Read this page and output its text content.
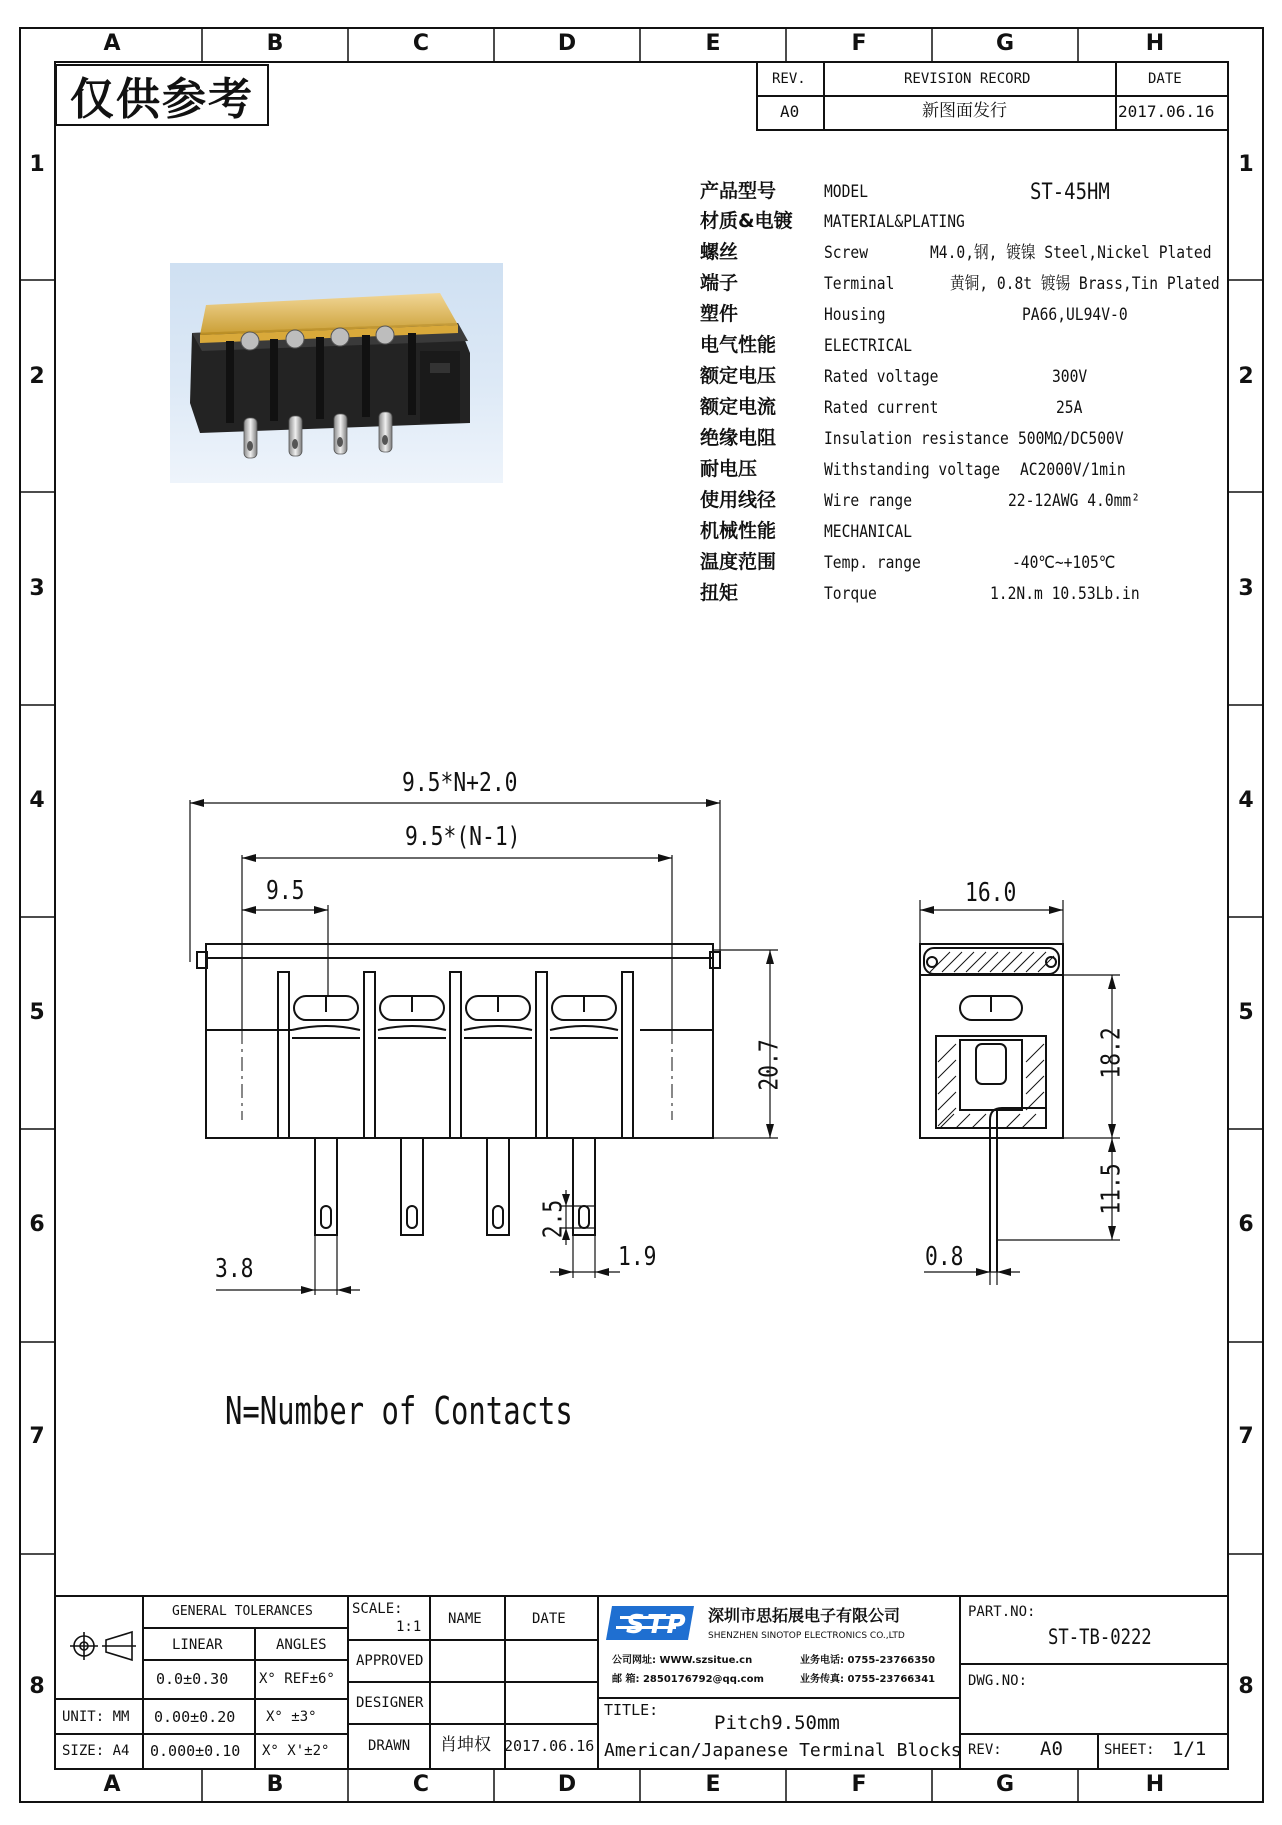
A	B	C	D	E	F	G	H
A	B	C	D	E	F	G	H
1
2
3
4
5
6
7
8
1
2
3
4
5
6
7
8
仅供参考	REV.	REVISION RECORD	DATE
A0	新图面发行	2017.06.16
产品型号	MODEL	ST-45HM
材质&电镀 MATERIAL&PLATING
螺丝	Screw	M4.0,钢, 镀镍 Steel,Nickel Plated
端子	Terminal	黄铜, 0.8t 镀锡 Brass,Tin Plated
塑件	Housing	PA66,UL94V-0
电气性能	ELECTRICAL
额定电压	Rated voltage	300V
额定电流	Rated current	25A
绝缘电阻	Insulation resistance 500MΩ/DC500V
耐电压	Withstanding voltage AC2000V/1min
使用线径	Wire range	22-12AWG 4.0mm²
机械性能	MECHANICAL
温度范围	Temp. range	-40℃~+105℃
扭矩	Torque	1.2N.m 10.53Lb.in
9.5*N+2.0
9.5*(N-1)
9.5
20.7
3.8
2.5
1.9
16.0
18.2
11.5
0.8
N=Number of Contacts
GENERAL TOLERANCES
LINEAR	ANGLES
0.0±0.30 X° REF±6°
UNIT: MM 0.00±0.20 X° ±3°
SIZE: A4 0.000±0.10 X° X'±2°
SCALE:
1:1 NAME	DATE
APPROVED
DESIGNER
DRAWN 肖坤权 2017.06.16
STP 深圳市思拓展电子有限公司
SHENZHEN SINOTOP ELECTRONICS CO.,LTD
公司网址: WWW.szsitue.cn	业务电话: 0755-23766350
邮 箱: 2850176792@qq.com	业务传真: 0755-23766341
TITLE:
Pitch9.50mm
American/Japanese Terminal Blocks
PART.NO:
ST-TB-0222
DWG.NO:
REV: A0	SHEET: 1/1
